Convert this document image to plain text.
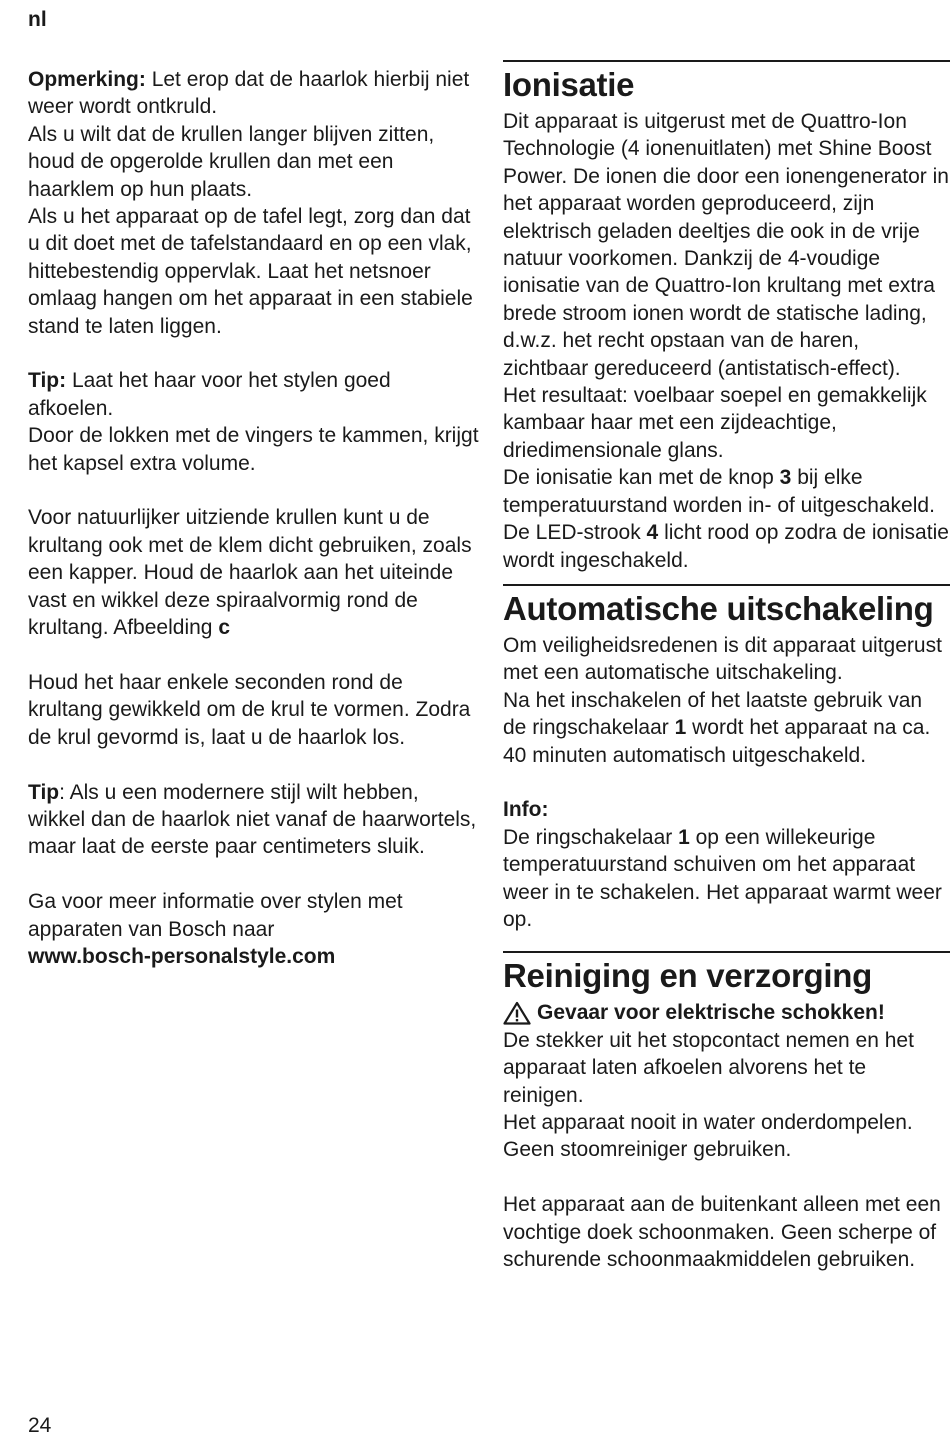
nl

Opmerking: Let erop dat de haarlok hierbij niet weer wordt ontkruld.

Als u wilt dat de krullen langer blijven zitten, houd de opgerolde krullen dan met een haarklem op hun plaats.

Als u het apparaat op de tafel legt, zorg dan dat u dit doet met de tafelstandaard en op een vlak, hittebestendig oppervlak. Laat het netsnoer omlaag hangen om het apparaat in een stabiele stand te laten liggen.

Tip: Laat het haar voor het stylen goed afkoelen.

Door de lokken met de vingers te kammen, krijgt het kapsel extra volume.

Voor natuurlijker uitziende krullen kunt u de krultang ook met de klem dicht gebruiken, zoals een kapper. Houd de haarlok aan het uiteinde vast en wikkel deze spiraalvormig rond de krultang. Afbeelding c

Houd het haar enkele seconden rond de krultang gewikkeld om de krul te vormen. Zodra de krul gevormd is, laat u de haarlok los.

Tip: Als u een modernere stijl wilt hebben, wikkel dan de haarlok niet vanaf de haarwortels, maar laat de eerste paar centimeters sluik.

Ga voor meer informatie over stylen met apparaten van Bosch naar

www.bosch-personalstyle.com

Ionisatie

Dit apparaat is uitgerust met de Quattro-Ion Technologie (4 ionenuitlaten) met Shine Boost Power. De ionen die door een ionengenerator in het apparaat worden geproduceerd, zijn elektrisch geladen deeltjes die ook in de vrije natuur voorkomen. Dankzij de 4-voudige ionisatie van de Quattro-Ion krultang met extra brede stroom ionen wordt de statische lading, d.w.z. het recht opstaan van de haren, zichtbaar gereduceerd (antistatisch-effect).

Het resultaat: voelbaar soepel en gemakkelijk kambaar haar met een zijdeachtige, driedimensionale glans.

De ionisatie kan met de knop 3 bij elke temperatuurstand worden in- of uitgeschakeld. De LED-strook 4 licht rood op zodra de ionisatie wordt ingeschakeld.

Automatische uitschakeling

Om veiligheidsredenen is dit apparaat uitgerust met een automatische uitschakeling.

Na het inschakelen of het laatste gebruik van de ringschakelaar 1 wordt het apparaat na ca. 40 minuten automatisch uitgeschakeld.

Info:

De ringschakelaar 1 op een willekeurige temperatuurstand schuiven om het apparaat weer in te schakelen. Het apparaat warmt weer op.

Reiniging en verzorging

Gevaar voor elektrische schokken!

De stekker uit het stopcontact nemen en het apparaat laten afkoelen alvorens het te reinigen.

Het apparaat nooit in water onderdompelen.

Geen stoomreiniger gebruiken.

Het apparaat aan de buitenkant alleen met een vochtige doek schoonmaken. Geen scherpe of schurende schoonmaakmiddelen gebruiken.

24
